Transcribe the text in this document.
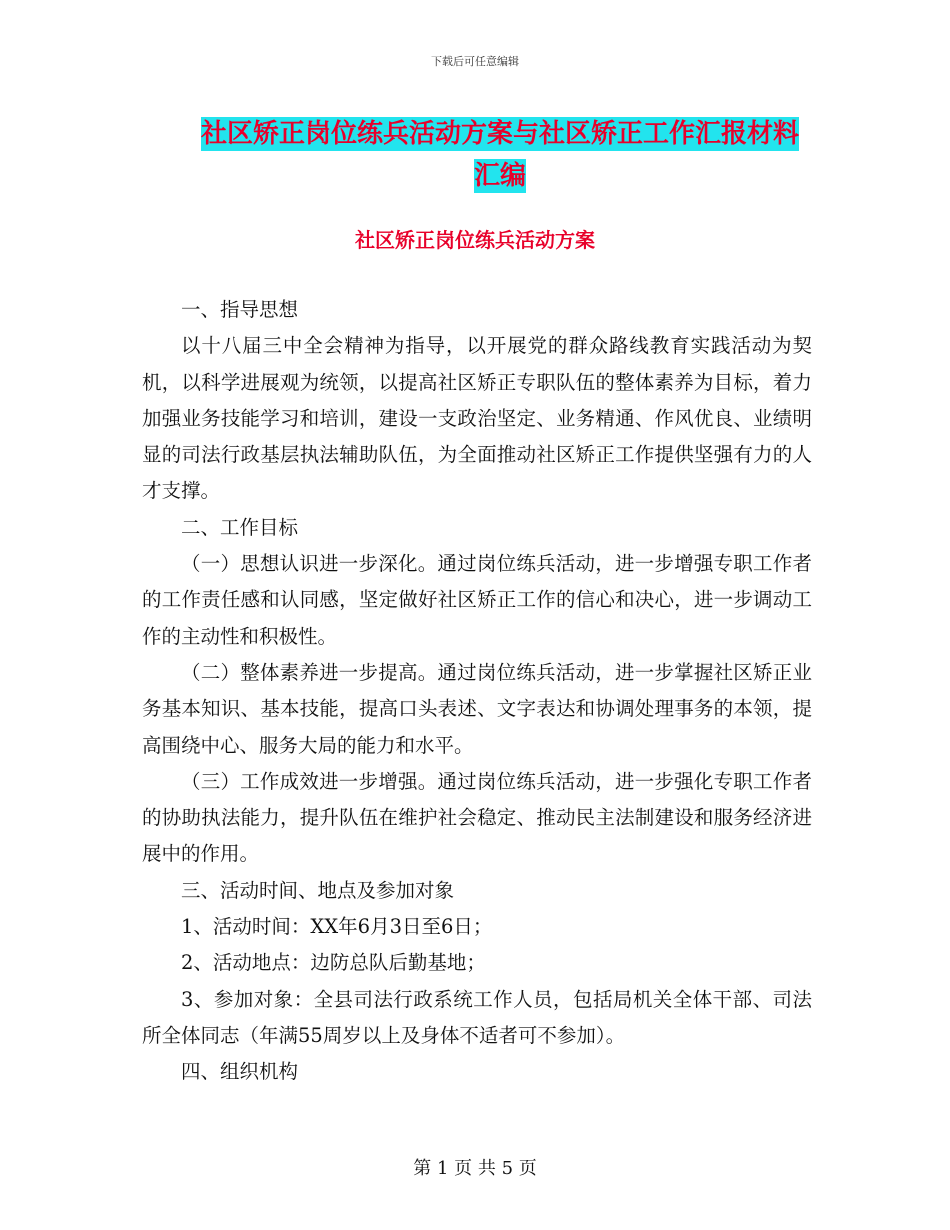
下载后可任意编辑
社区矫正岗位练兵活动方案与社区矫正工作汇报材料
汇编
社区矫正岗位练兵活动方案

一、指导思想

以十八届三中全会精神为指导，以开展党的群众路线教育实践活动为契机，以科学进展观为统领，以提高社区矫正专职队伍的整体素养为目标，着力加强业务技能学习和培训，建设一支政治坚定、业务精通、作风优良、业绩明显的司法行政基层执法辅助队伍，为全面推动社区矫正工作提供坚强有力的人才支撑。

二、工作目标

（一）思想认识进一步深化。通过岗位练兵活动，进一步增强专职工作者的工作责任感和认同感，坚定做好社区矫正工作的信心和决心，进一步调动工作的主动性和积极性。

（二）整体素养进一步提高。通过岗位练兵活动，进一步掌握社区矫正业务基本知识、基本技能，提高口头表述、文字表达和协调处理事务的本领，提高围绕中心、服务大局的能力和水平。

（三）工作成效进一步增强。通过岗位练兵活动，进一步强化专职工作者的协助执法能力，提升队伍在维护社会稳定、推动民主法制建设和服务经济进展中的作用。

三、活动时间、地点及参加对象

1、活动时间：XX年6月3日至6日；

2、活动地点：边防总队后勤基地；

3、参加对象：全县司法行政系统工作人员，包括局机关全体干部、司法所全体同志（年满55周岁以上及身体不适者可不参加）。

四、组织机构

第 1 页 共 5 页
